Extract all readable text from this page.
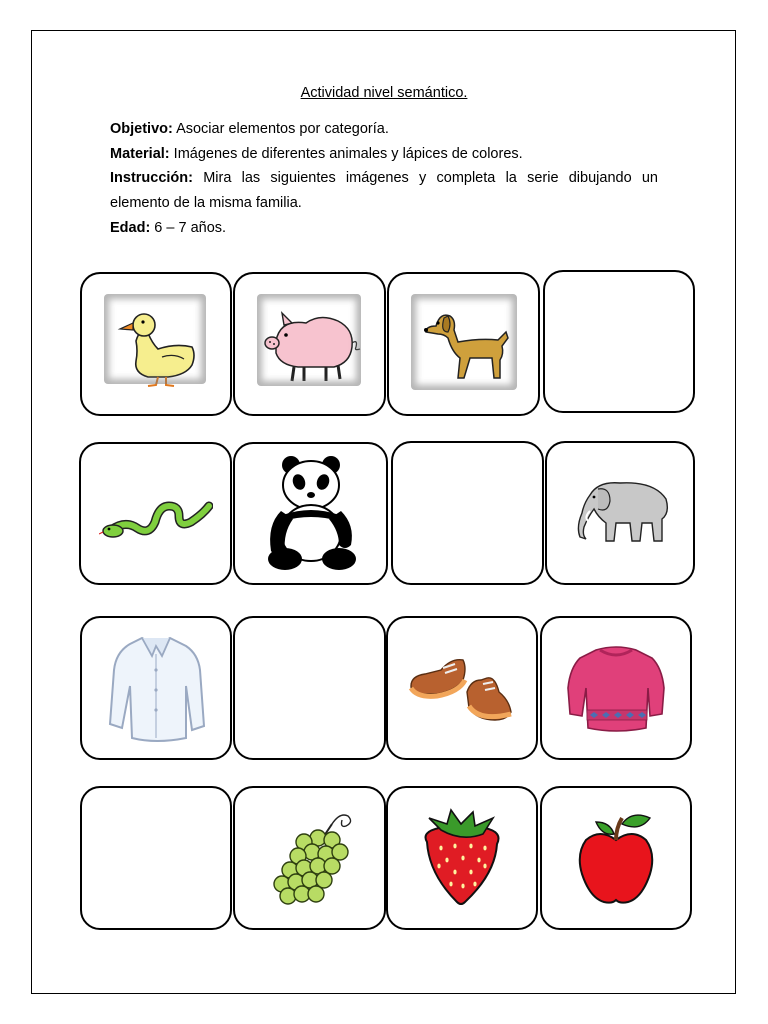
Actividad nivel semántico.
Objetivo: Asociar elementos por categoría.
Material: Imágenes de diferentes animales y lápices de colores.
Instrucción: Mira las siguientes imágenes y completa la serie dibujando un elemento de la misma familia.
Edad: 6 – 7 años.
